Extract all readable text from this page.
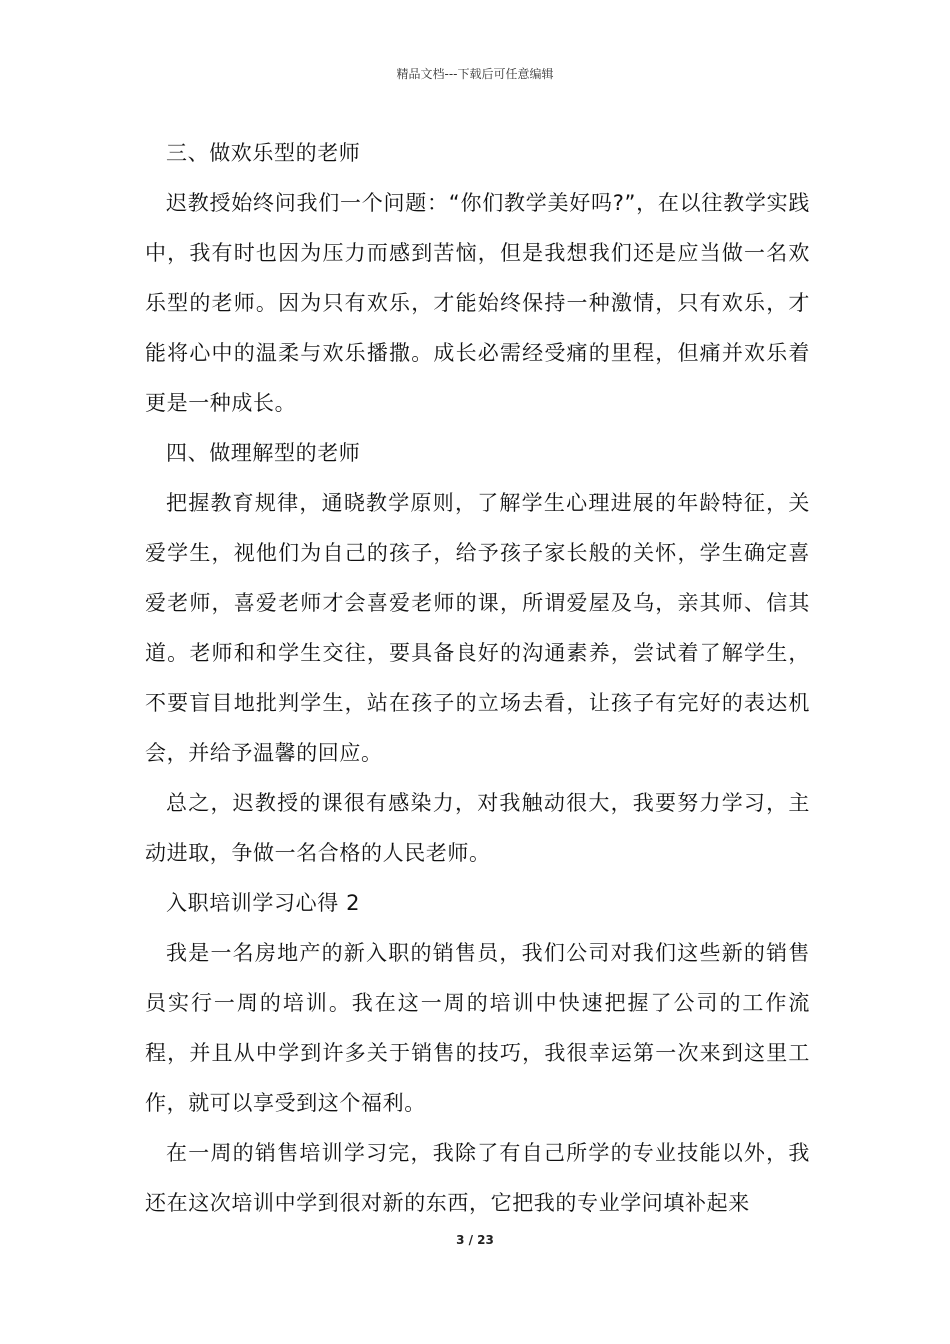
精品文档---下载后可任意编辑

三、做欢乐型的老师

迟教授始终问我们一个问题：“你们教学美好吗?”，在以往教学实践中，我有时也因为压力而感到苦恼，但是我想我们还是应当做一名欢乐型的老师。因为只有欢乐，才能始终保持一种激情，只有欢乐，才能将心中的温柔与欢乐播撒。成长必需经受痛的里程，但痛并欢乐着更是一种成长。

四、做理解型的老师

把握教育规律，通晓教学原则，了解学生心理进展的年龄特征，关爱学生，视他们为自己的孩子，给予孩子家长般的关怀，学生确定喜爱老师，喜爱老师才会喜爱老师的课，所谓爱屋及乌，亲其师、信其道。老师和和学生交往，要具备良好的沟通素养，尝试着了解学生，不要盲目地批判学生，站在孩子的立场去看，让孩子有完好的表达机会，并给予温馨的回应。

总之，迟教授的课很有感染力，对我触动很大，我要努力学习，主动进取，争做一名合格的人民老师。

入职培训学习心得 2

我是一名房地产的新入职的销售员，我们公司对我们这些新的销售员实行一周的培训。我在这一周的培训中快速把握了公司的工作流程，并且从中学到许多关于销售的技巧，我很幸运第一次来到这里工作，就可以享受到这个福利。

在一周的销售培训学习完，我除了有自己所学的专业技能以外，我还在这次培训中学到很对新的东西，它把我的专业学问填补起来

3 / 23
